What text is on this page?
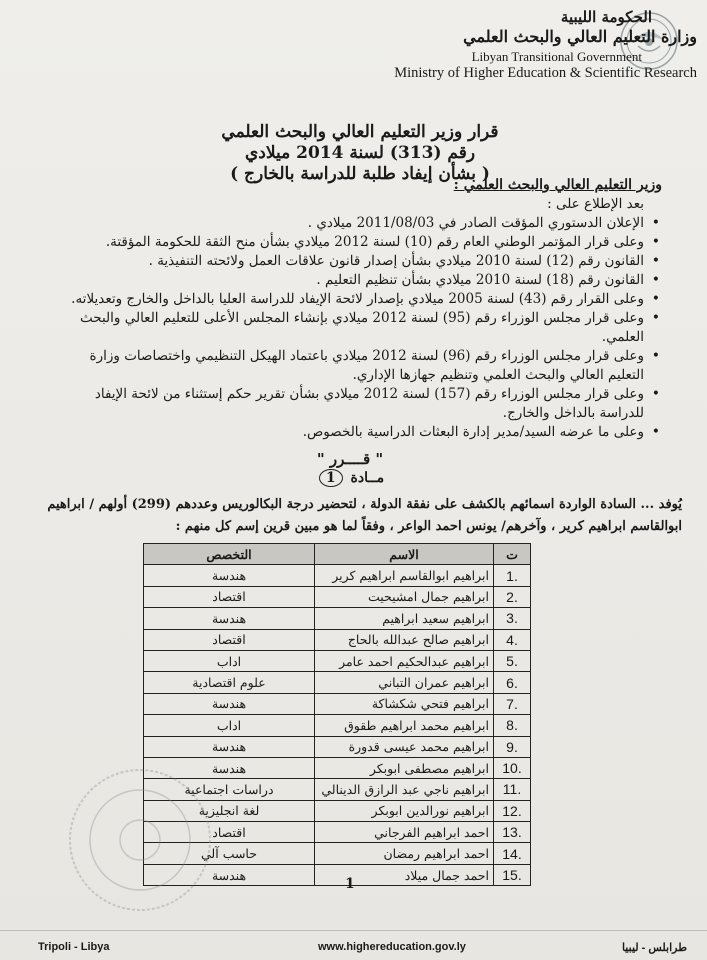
الحكومة الليبية
وزارة التعليم العالي والبحث العلمي
Libyan Transitional Government
Ministry of Higher Education & Scientific Research
قرار وزير التعليم العالي والبحث العلمي
رقم (313) لسنة 2014 ميلادي
( بشأن إيفاد طلبة للدراسة بالخارج )
وزير التعليم العالي والبحث العلمي :
بعد الإطلاع على :
• الإعلان الدستوري المؤقت الصادر في 2011/08/03 ميلادي .
• وعلى قرار المؤتمر الوطني العام رقم (10) لسنة 2012 ميلادي بشأن منح الثقة للحكومة المؤقتة.
• القانون رقم (12) لسنة 2010 ميلادي بشأن إصدار قانون علاقات العمل ولائحته التنفيذية .
• القانون رقم (18) لسنة 2010 ميلادي بشأن تنظيم التعليم .
• وعلى القرار رقم (43) لسنة 2005 ميلادي بإصدار لائحة الإيفاد للدراسة العليا بالداخل والخارج وتعديلاته.
• وعلى قرار مجلس الوزراء رقم (95) لسنة 2012 ميلادي بإنشاء المجلس الأعلى للتعليم العالي والبحث العلمي.
• وعلى قرار مجلس الوزراء رقم (96) لسنة 2012 ميلادي باعتماد الهيكل التنظيمي واختصاصات وزارة التعليم العالي والبحث العلمي وتنظيم جهازها الإداري.
• وعلى قرار مجلس الوزراء رقم (157) لسنة 2012 ميلادي بشأن تقرير حكم إستثناء من لائحة الإيفاد للدراسة بالداخل والخارج.
• وعلى ما عرضه السيد/مدير إدارة البعثات الدراسية بالخصوص.
" قــــرر "
مــادة 1
يُوفد ... السادة الواردة اسمائهم بالكشف على نفقة الدولة ، لتحضير درجة البكالوريس وعددهم (299) أولهم / ابراهيم ابوالقاسم ابراهيم كرير ، وآخرهم/ يونس احمد الواعر ، وفقاً لما هو مبين قرين إسم كل منهم :
ت	الاسم	التخصص
1.	ابراهيم ابوالقاسم ابراهيم كرير	هندسة
2.	ابراهيم جمال امشيحيت	اقتصاد
3.	ابراهيم سعيد ابراهيم	هندسة
4.	ابراهيم صالح عبدالله بالحاج	اقتصاد
5.	ابراهيم عبدالحكيم احمد عامر	اداب
6.	ابراهيم عمران التباني	علوم اقتصادية
7.	ابراهيم فتحي شكشاكة	هندسة
8.	ابراهيم محمد ابراهيم طقوق	اداب
9.	ابراهيم محمد عيسى قدورة	هندسة
10.	ابراهيم مصطفى ابوبكر	هندسة
11.	ابراهيم ناجي عبد الرازق الدينالي	دراسات اجتماعية
12.	ابراهيم نورالدين ابوبكر	لغة انجليزية
13.	احمد ابراهيم الفرجاني	اقتصاد
14.	احمد ابراهيم رمضان	حاسب آلي
15.	احمد جمال ميلاد	هندسة
1
Tripoli - Libya	www.highereducation.gov.ly	طرابلس - ليبيا
